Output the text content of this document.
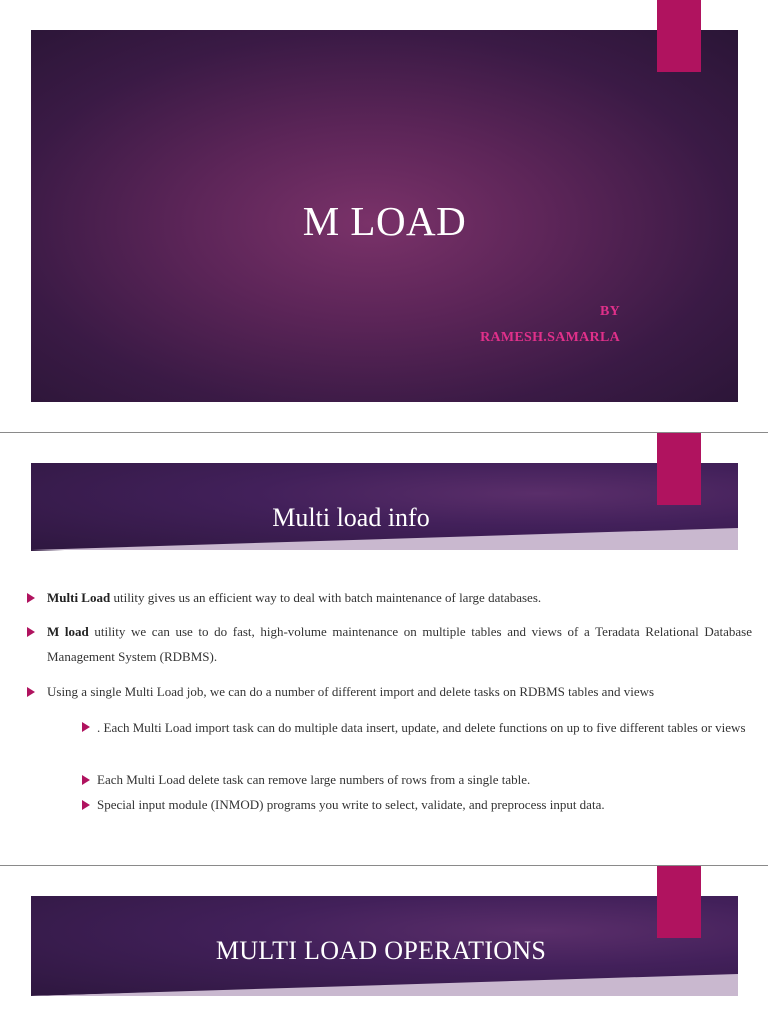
M LOAD
BY
RAMESH.SAMARLA
Multi load info
Multi Load utility gives us an efficient way to deal with batch maintenance of large databases.
M load utility we can use to do fast, high-volume maintenance on multiple tables and views of a Teradata Relational Database Management System (RDBMS).
Using a single Multi Load job, we can do a number of different import and delete tasks on RDBMS tables and views
. Each Multi Load import task can do multiple data insert, update, and delete functions on up to five different tables or views
Each Multi Load delete task can remove large numbers of rows from a single table.
Special input module (INMOD) programs you write to select, validate, and preprocess input data.
MULTI LOAD OPERATIONS
